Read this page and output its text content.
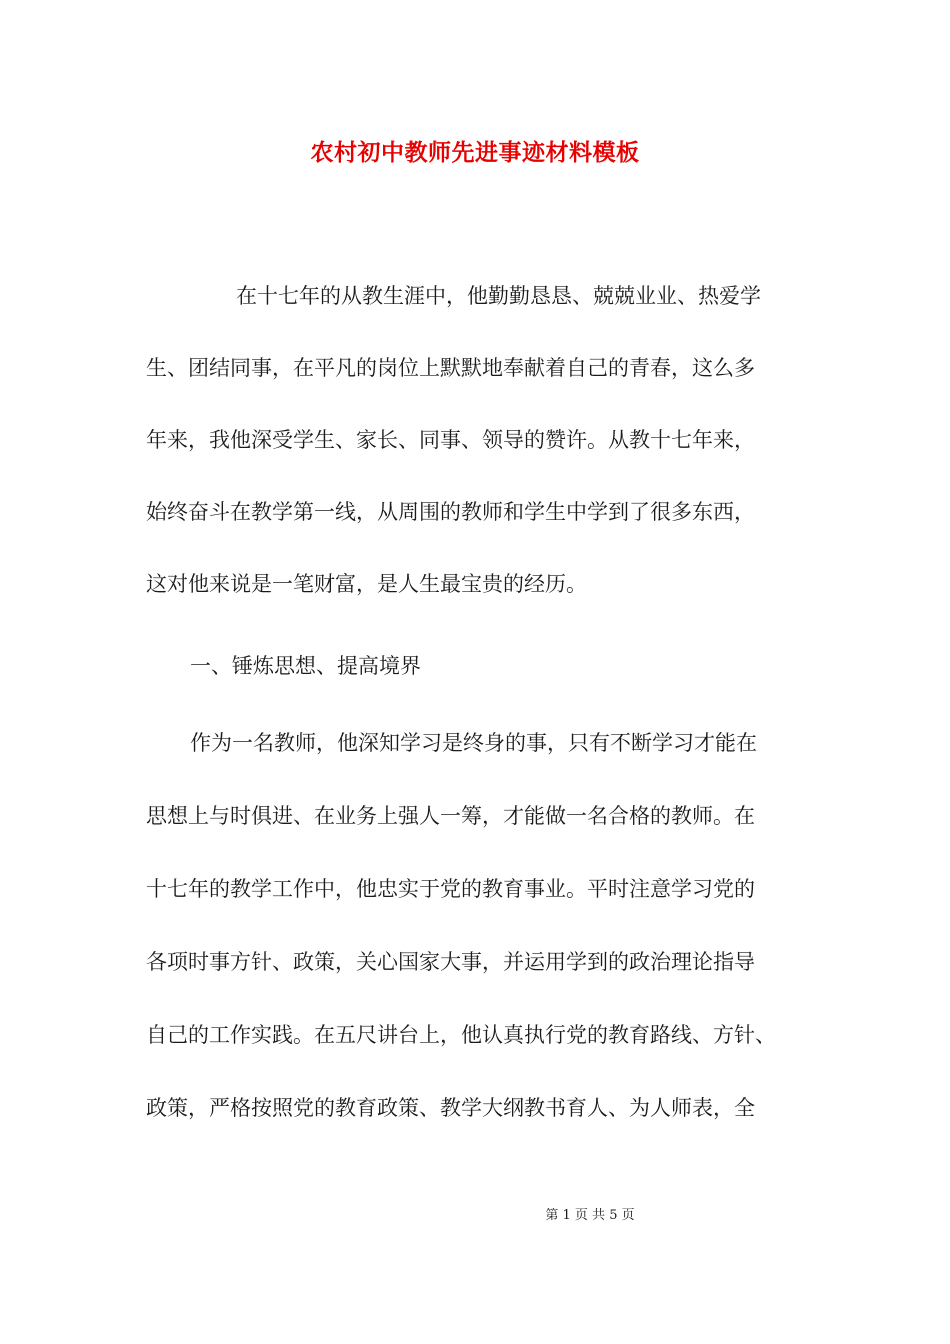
农村初中教师先进事迹材料模板
在十七年的从教生涯中，他勤勤恳恳、兢兢业业、热爱学
生、团结同事，在平凡的岗位上默默地奉献着自己的青春，这么多
年来，我他深受学生、家长、同事、领导的赞许。从教十七年来，
始终奋斗在教学第一线，从周围的教师和学生中学到了很多东西，
这对他来说是一笔财富，是人生最宝贵的经历。
一、锤炼思想、提高境界
作为一名教师，他深知学习是终身的事，只有不断学习才能在
思想上与时俱进、在业务上强人一筹，才能做一名合格的教师。在
十七年的教学工作中，他忠实于党的教育事业。平时注意学习党的
各项时事方针、政策，关心国家大事，并运用学到的政治理论指导
自己的工作实践。在五尺讲台上，他认真执行党的教育路线、方针、
政策，严格按照党的教育政策、教学大纲教书育人、为人师表，全
第 1 页 共 5 页
